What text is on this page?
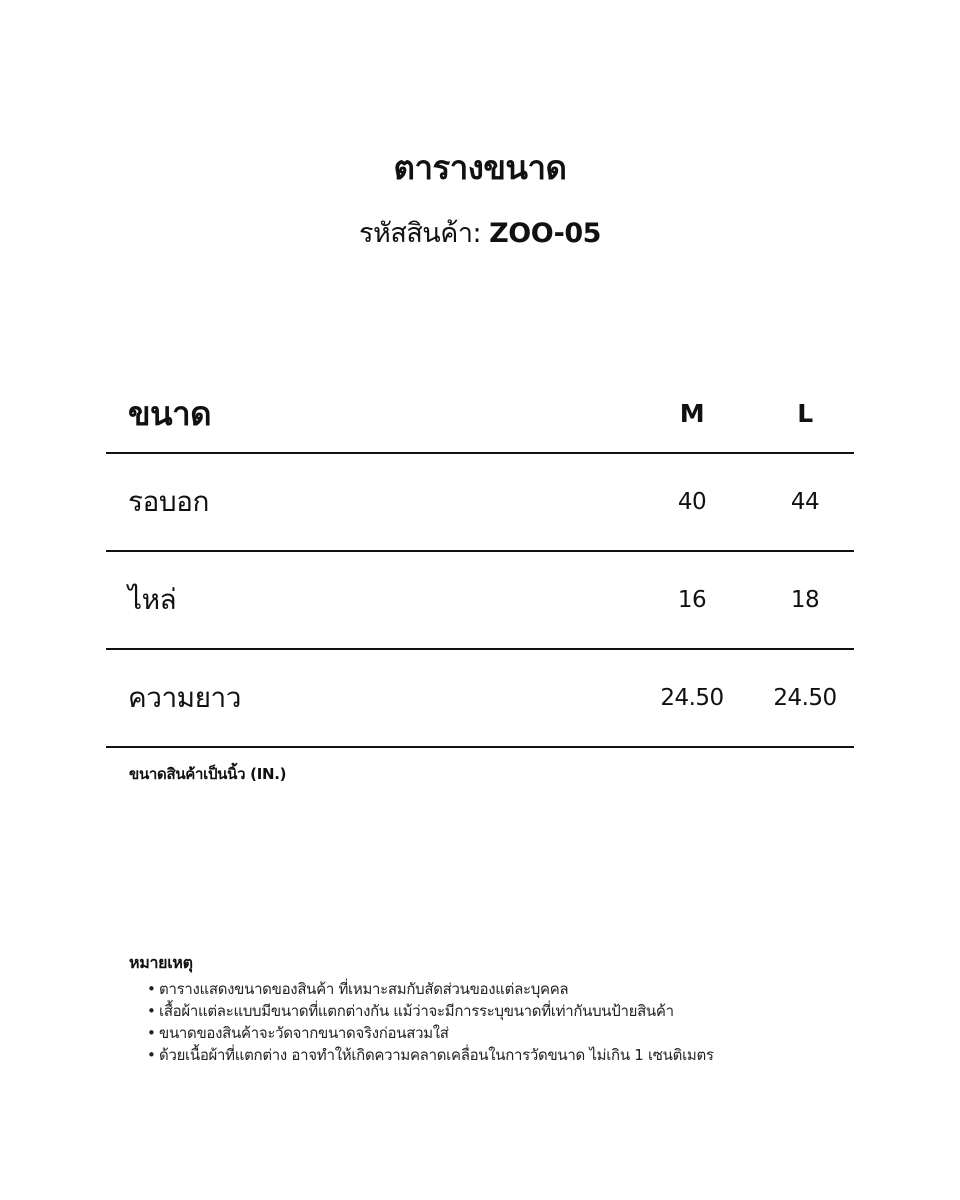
ตารางขนาด
รหัสสินค้า: ZOO-05
ขนาด	M	L
รอบอก	40	44
ไหล่	16	18
ความยาว	24.50	24.50
ขนาดสินค้าเป็นนิ้ว (IN.)
หมายเหตุ
• ตารางแสดงขนาดของสินค้า ที่เหมาะสมกับสัดส่วนของแต่ละบุคคล
• เสื้อผ้าแต่ละแบบมีขนาดที่แตกต่างกัน แม้ว่าจะมีการระบุขนาดที่เท่ากันบนป้ายสินค้า
• ขนาดของสินค้าจะวัดจากขนาดจริงก่อนสวมใส่
• ด้วยเนื้อผ้าที่แตกต่าง อาจทำให้เกิดความคลาดเคลื่อนในการวัดขนาด ไม่เกิน 1 เซนติเมตร
